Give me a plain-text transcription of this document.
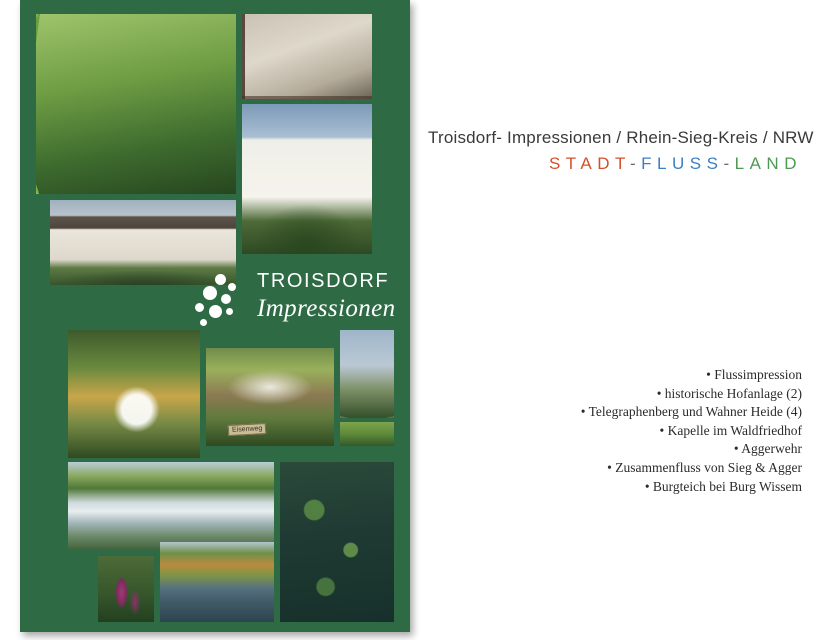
TROISDORF
Impressionen
Eisenweg
Troisdorf- Impressionen / Rhein-Sieg-Kreis / NRW
STADT-FLUSS-LAND
• Flussimpression
• historische Hofanlage (2)
• Telegraphenberg und Wahner Heide (4)
• Kapelle im Waldfriedhof
• Aggerwehr
• Zusammenfluss von Sieg & Agger
• Burgteich bei Burg Wissem
